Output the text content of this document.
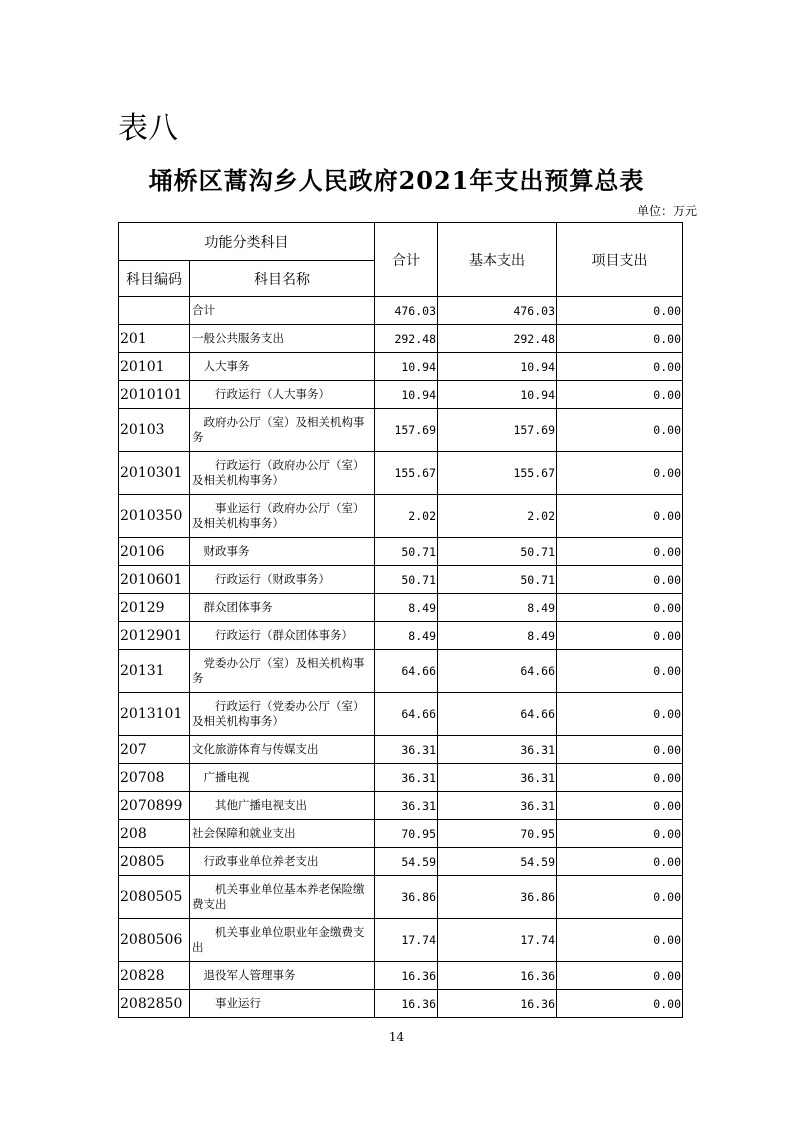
表八
埇桥区蒿沟乡人民政府2021年支出预算总表
单位：万元
功能分类科目		合计	基本支出	项目支出
科目编码	科目名称			
	合计	476.03	476.03	0.00
201	一般公共服务支出	292.48	292.48	0.00
20101	　人大事务	10.94	10.94	0.00
2010101	　　行政运行（人大事务）	10.94	10.94	0.00
20103	　政府办公厅（室）及相关机构事务	157.69	157.69	0.00
2010301	　　行政运行（政府办公厅（室）及相关机构事务）	155.67	155.67	0.00
2010350	　　事业运行（政府办公厅（室）及相关机构事务）	2.02	2.02	0.00
20106	　财政事务	50.71	50.71	0.00
2010601	　　行政运行（财政事务）	50.71	50.71	0.00
20129	　群众团体事务	8.49	8.49	0.00
2012901	　　行政运行（群众团体事务）	8.49	8.49	0.00
20131	　党委办公厅（室）及相关机构事务	64.66	64.66	0.00
2013101	　　行政运行（党委办公厅（室）及相关机构事务）	64.66	64.66	0.00
207	文化旅游体育与传媒支出	36.31	36.31	0.00
20708	　广播电视	36.31	36.31	0.00
2070899	　　其他广播电视支出	36.31	36.31	0.00
208	社会保障和就业支出	70.95	70.95	0.00
20805	　行政事业单位养老支出	54.59	54.59	0.00
2080505	　　机关事业单位基本养老保险缴费支出	36.86	36.86	0.00
2080506	　　机关事业单位职业年金缴费支出	17.74	17.74	0.00
20828	　退役军人管理事务	16.36	16.36	0.00
2082850	　　事业运行	16.36	16.36	0.00
14
